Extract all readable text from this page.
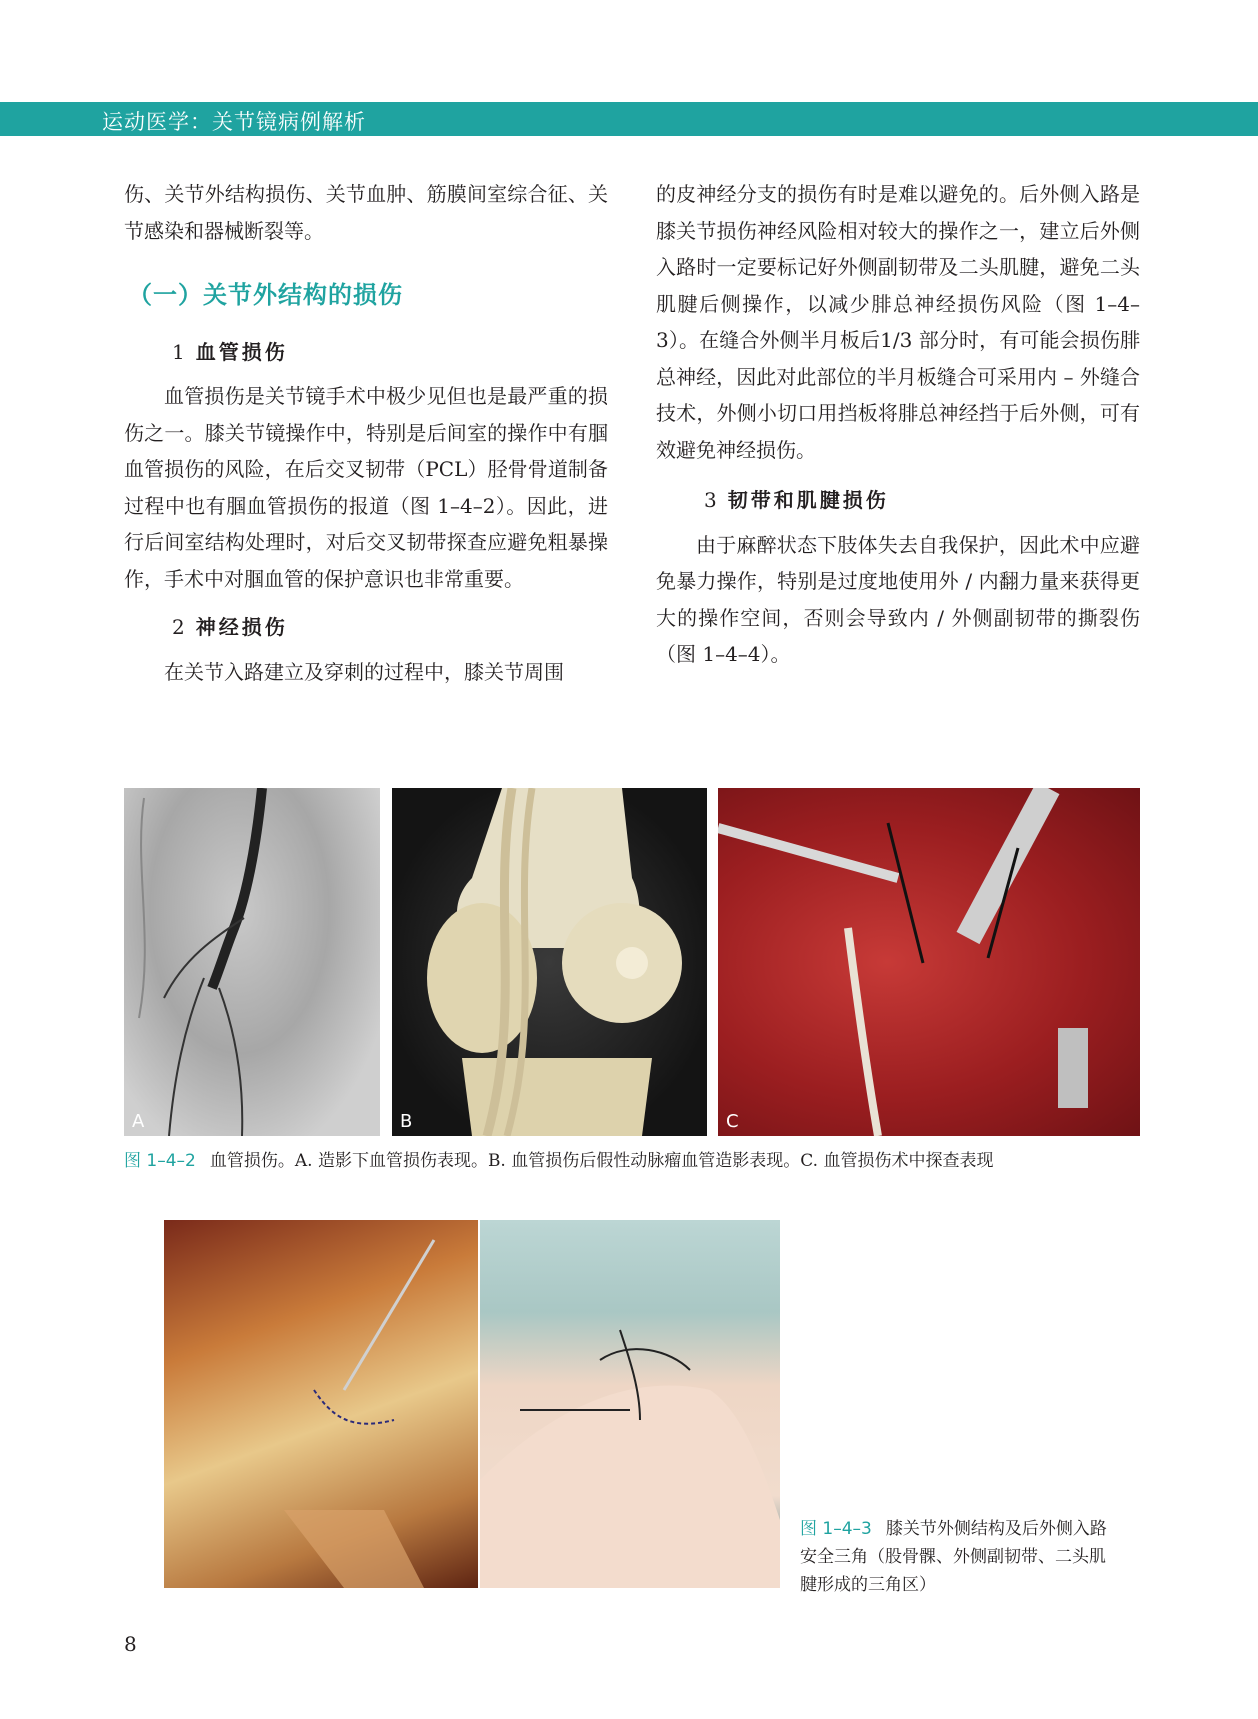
运动医学：关节镜病例解析

伤、关节外结构损伤、关节血肿、筋膜间室综合征、关节感染和器械断裂等。

（一）关节外结构的损伤
1 血管损伤

血管损伤是关节镜手术中极少见但也是最严重的损伤之一。膝关节镜操作中，特别是后间室的操作中有腘血管损伤的风险，在后交叉韧带（PCL）胫骨骨道制备过程中也有腘血管损伤的报道（图 1–4–2）。因此，进行后间室结构处理时，对后交叉韧带探查应避免粗暴操作，手术中对腘血管的保护意识也非常重要。

2 神经损伤

在关节入路建立及穿刺的过程中，膝关节周围

的皮神经分支的损伤有时是难以避免的。后外侧入路是膝关节损伤神经风险相对较大的操作之一，建立后外侧入路时一定要标记好外侧副韧带及二头肌腱，避免二头肌腱后侧操作，以减少腓总神经损伤风险（图 1–4–3）。在缝合外侧半月板后1/3 部分时，有可能会损伤腓总神经，因此对此部位的半月板缝合可采用内 – 外缝合技术，外侧小切口用挡板将腓总神经挡于后外侧，可有效避免神经损伤。

3 韧带和肌腱损伤

由于麻醉状态下肢体失去自我保护，因此术中应避免暴力操作，特别是过度地使用外 / 内翻力量来获得更大的操作空间，否则会导致内 / 外侧副韧带的撕裂伤（图 1–4–4）。

A	B	C
图 1–4–2 血管损伤。A. 造影下血管损伤表现。B. 血管损伤后假性动脉瘤血管造影表现。C. 血管损伤术中探查表现
图 1–4–3 膝关节外侧结构及后外侧入路安全三角（股骨髁、外侧副韧带、二头肌腱形成的三角区）
8
